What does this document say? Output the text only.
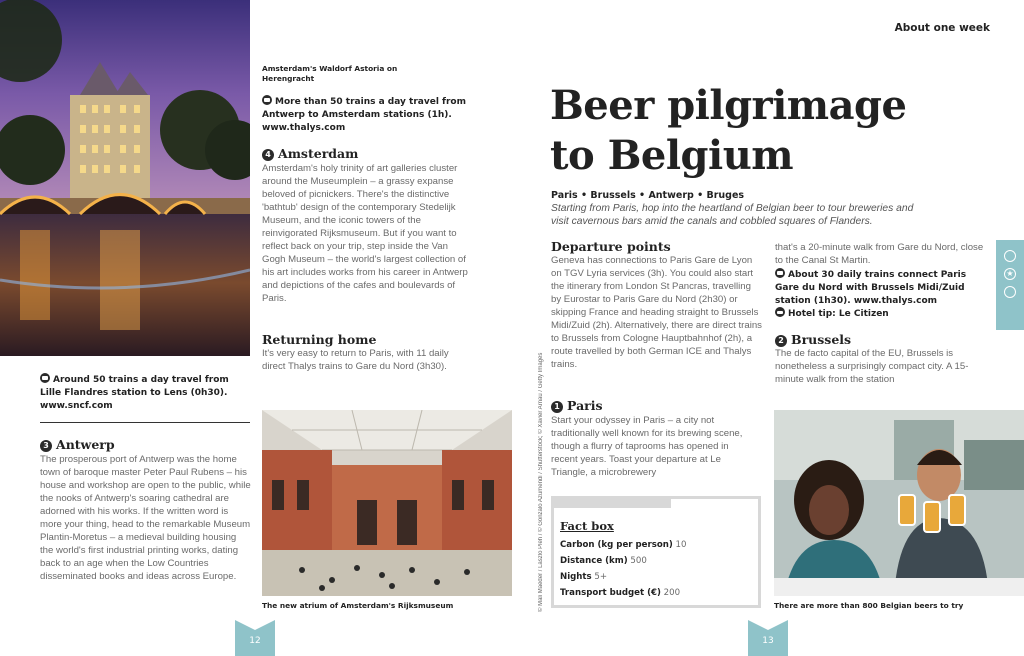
Amsterdam's Waldorf Astoria on Herengracht
More than 50 trains a day travel from Antwerp to Amsterdam stations (1h). www.thalys.com
4 Amsterdam
Amsterdam's holy trinity of art galleries cluster around the Museumplein – a grassy expanse beloved of picnickers. There's the distinctive 'bathtub' design of the contemporary Stedelijk Museum, and the iconic towers of the reinvigorated Rijksmuseum. But if you want to reflect back on your trip, step inside the Van Gogh Museum – the world's largest collection of his art includes works from his career in Antwerp and depictions of the cafes and boulevards of Paris.
Returning home
It's very easy to return to Paris, with 11 daily direct Thalys trains to Gare du Nord (3h30).
Around 50 trains a day travel from Lille Flandres station to Lens (0h30). www.sncf.com
3 Antwerp
The prosperous port of Antwerp was the home town of baroque master Peter Paul Rubens – his house and workshop are open to the public, while the nooks of Antwerp's soaring cathedral are adorned with his works. If the written word is more your thing, head to the remarkable Museum Plantin-Moretus – a medieval building housing the world's first industrial printing works, dating back to an age when the Low Countries disseminated books and ideas across Europe.
The new atrium of Amsterdam's Rijksmuseum
12
About one week
Beer pilgrimage
to Belgium
Paris • Brussels • Antwerp • Bruges
Starting from Paris, hop into the heartland of Belgian beer to tour breweries and visit cavernous bars amid the canals and cobbled squares of Flanders.
Departure points
Geneva has connections to Paris Gare de Lyon on TGV Lyria services (3h). You could also start the itinerary from London St Pancras, travelling by Eurostar to Paris Gare du Nord (2h30) or skipping France and heading straight to Brussels Midi/Zuid (2h). Alternatively, there are direct trains to Brussels from Cologne Hauptbahnhof (2h), a route travelled by both German ICE and Thalys trains.
© Mali Maeder / Laszlo Pleh / © Gonzalo Azumendi / Shutterstock; © Xavier Arnau / Getty Images	1 Paris
Start your odyssey in Paris – a city not traditionally well known for its brewing scene, though a flurry of taprooms has opened in recent years. Toast your departure at Le Triangle, a microbrewery
Fact box
Carbon (kg per person) 10
Distance (km) 500
Nights 5+
Transport budget (€) 200
that's a 20-minute walk from Gare du Nord, close to the Canal St Martin.
About 30 daily trains connect Paris Gare du Nord with Brussels Midi/Zuid station (1h30). www.thalys.com
Hotel tip: Le Citizen
2 Brussels
The de facto capital of the EU, Brussels is nonetheless a surprisingly compact city. A 15-minute walk from the station
There are more than 800 Belgian beers to try
★
13
